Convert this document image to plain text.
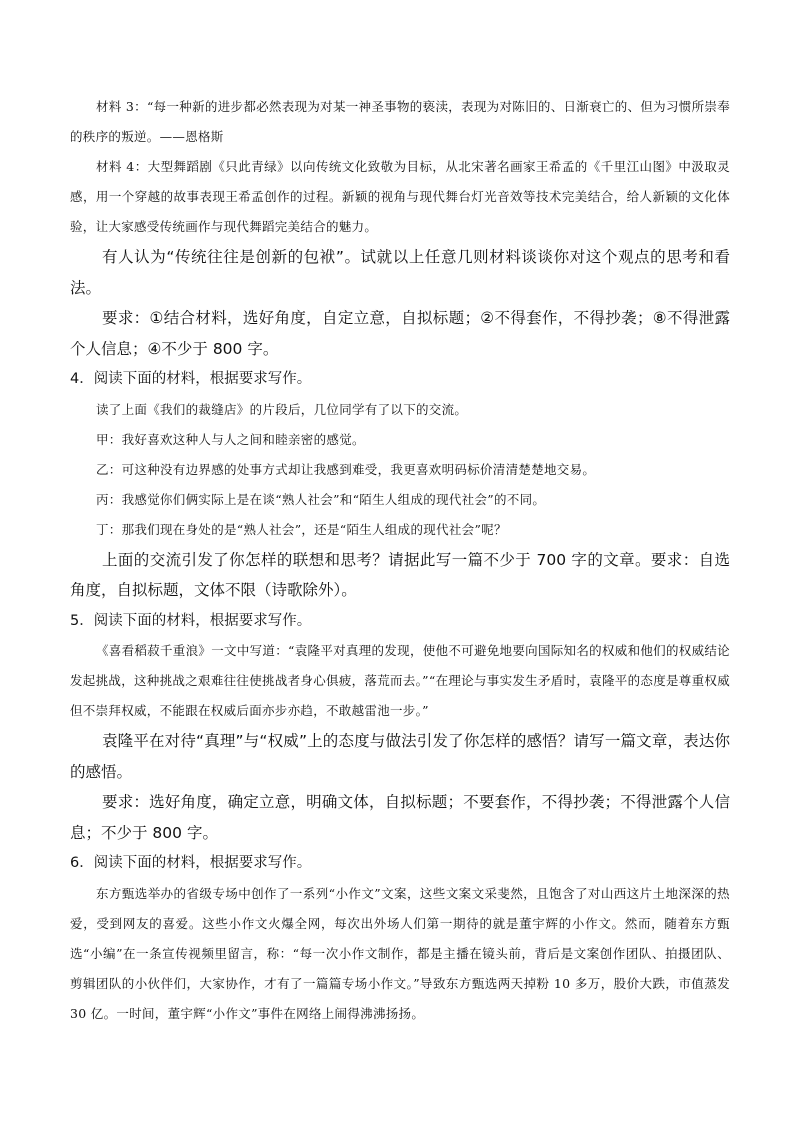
材料 3：“每一种新的进步都必然表现为对某一神圣事物的亵渎，表现为对陈旧的、日渐衰亡的、但为习惯所崇奉的秩序的叛逆。——恩格斯

材料 4：大型舞蹈剧《只此青绿》以向传统文化致敬为目标，从北宋著名画家王希孟的《千里江山图》中汲取灵感，用一个穿越的故事表现王希孟创作的过程。新颖的视角与现代舞台灯光音效等技术完美结合，给人新颖的文化体验，让大家感受传统画作与现代舞蹈完美结合的魅力。

有人认为“传统往往是创新的包袱”。试就以上任意几则材料谈谈你对这个观点的思考和看法。

要求：①结合材料，选好角度，自定立意，自拟标题；②不得套作，不得抄袭；⑧不得泄露个人信息；④不少于 800 字。

4．阅读下面的材料，根据要求写作。

读了上面《我们的裁缝店》的片段后，几位同学有了以下的交流。

甲：我好喜欢这种人与人之间和睦亲密的感觉。

乙：可这种没有边界感的处事方式却让我感到难受，我更喜欢明码标价清清楚楚地交易。

丙：我感觉你们俩实际上是在谈“熟人社会”和“陌生人组成的现代社会”的不同。

丁：那我们现在身处的是“熟人社会”，还是“陌生人组成的现代社会”呢？

上面的交流引发了你怎样的联想和思考？请据此写一篇不少于 700 字的文章。要求：自选角度，自拟标题，文体不限（诗歌除外）。

5．阅读下面的材料，根据要求写作。

《喜看稻菽千重浪》一文中写道：“袁隆平对真理的发现，使他不可避免地要向国际知名的权威和他们的权威结论发起挑战，这种挑战之艰难往往使挑战者身心俱疲，落荒而去。”“在理论与事实发生矛盾时，袁隆平的态度是尊重权威但不崇拜权威，不能跟在权威后面亦步亦趋，不敢越雷池一步。”

袁隆平在对待“真理”与“权威”上的态度与做法引发了你怎样的感悟？请写一篇文章，表达你的感悟。

要求：选好角度，确定立意，明确文体，自拟标题；不要套作，不得抄袭；不得泄露个人信息；不少于 800 字。

6．阅读下面的材料，根据要求写作。

东方甄选举办的省级专场中创作了一系列“小作文”文案，这些文案文采斐然，且饱含了对山西这片土地深深的热爱，受到网友的喜爱。这些小作文火爆全网，每次出外场人们第一期待的就是董宇辉的小作文。然而，随着东方甄选“小编”在一条宣传视频里留言，称：“每一次小作文制作，都是主播在镜头前，背后是文案创作团队、拍摄团队、剪辑团队的小伙伴们，大家协作，才有了一篇篇专场小作文。”导致东方甄选两天掉粉 10 多万，股价大跌，市值蒸发 30 亿。一时间，董宇辉“小作文”事件在网络上闹得沸沸扬扬。
